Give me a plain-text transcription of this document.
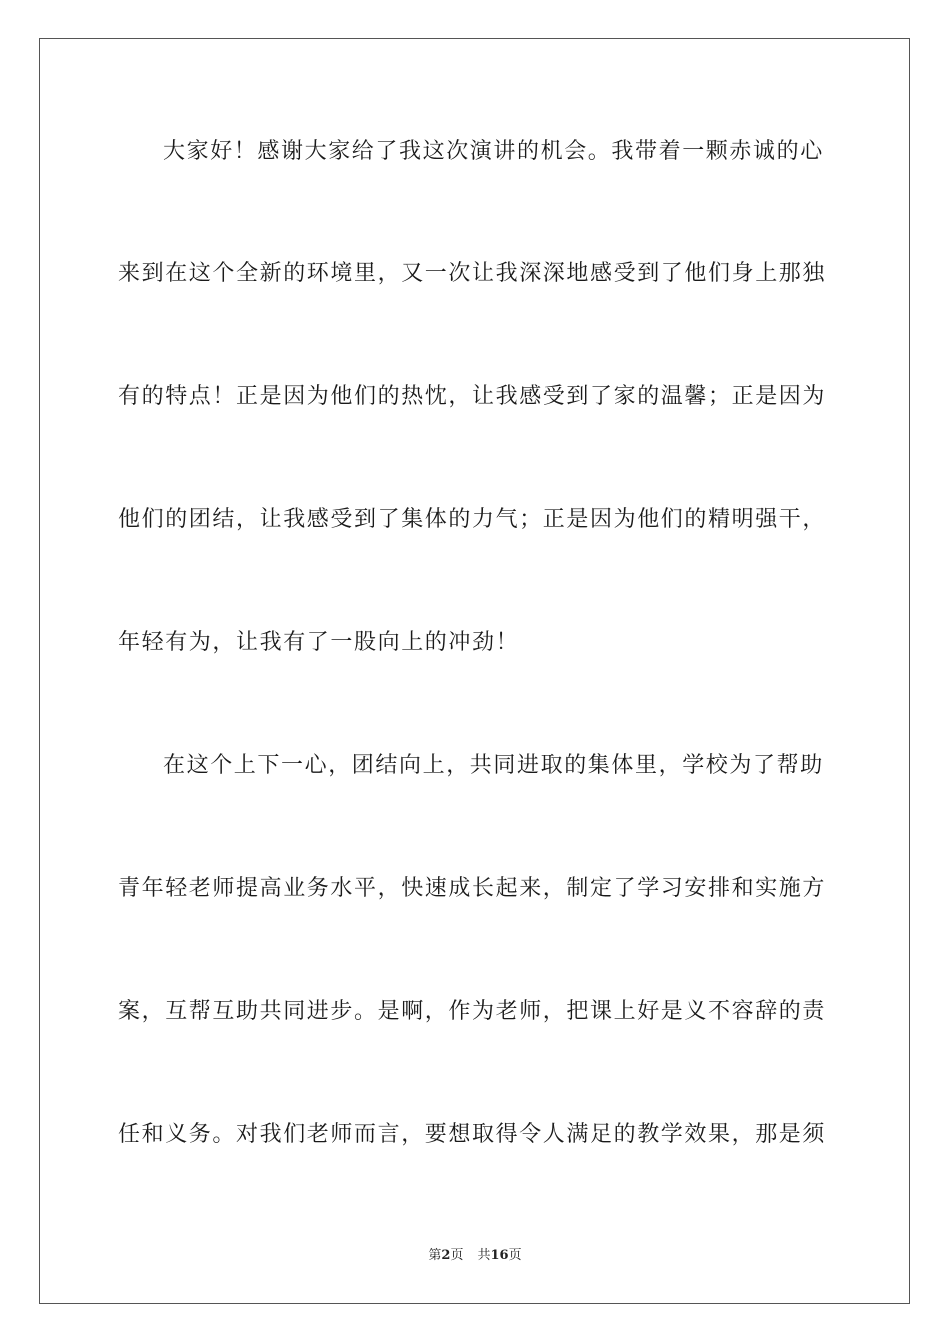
大家好！感谢大家给了我这次演讲的机会。我带着一颗赤诚的心
来到在这个全新的环境里，又一次让我深深地感受到了他们身上那独
有的特点！正是因为他们的热忱，让我感受到了家的温馨；正是因为
他们的团结，让我感受到了集体的力气；正是因为他们的精明强干，
年轻有为，让我有了一股向上的冲劲！
在这个上下一心，团结向上，共同进取的集体里，学校为了帮助
青年轻老师提高业务水平，快速成长起来，制定了学习安排和实施方
案，互帮互助共同进步。是啊，作为老师，把课上好是义不容辞的责
任和义务。对我们老师而言，要想取得令人满足的教学效果，那是须
第2页 共16页
